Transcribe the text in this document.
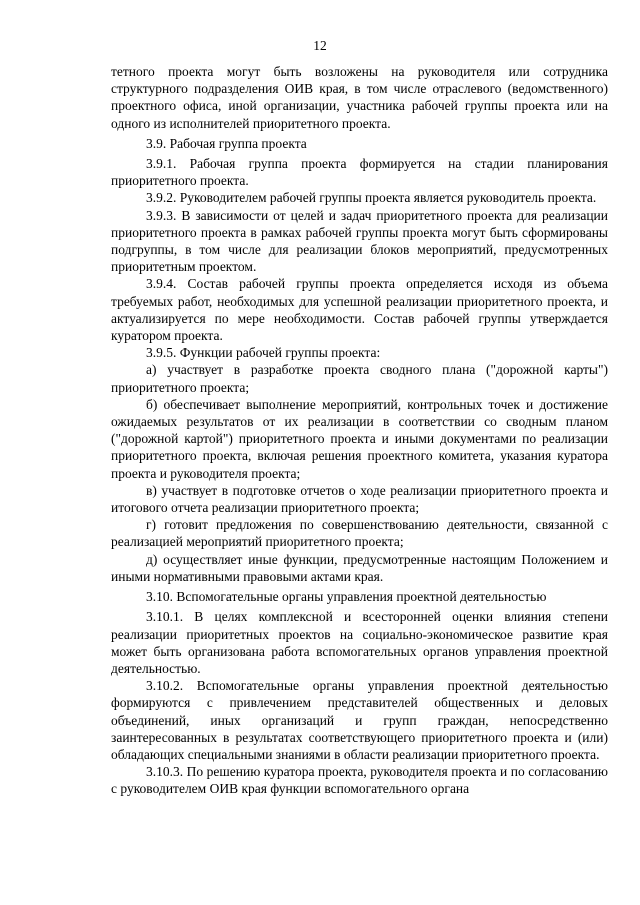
12

тетного проекта могут быть возложены на руководителя или сотрудника структурного подразделения ОИВ края, в том числе отраслевого (ведомственного) проектного офиса, иной организации, участника рабочей группы проекта или на одного из исполнителей приоритетного проекта.

3.9. Рабочая группа проекта

3.9.1. Рабочая группа проекта формируется на стадии планирования приоритетного проекта.

3.9.2. Руководителем рабочей группы проекта является руководитель проекта.

3.9.3. В зависимости от целей и задач приоритетного проекта для реализации приоритетного проекта в рамках рабочей группы проекта могут быть сформированы подгруппы, в том числе для реализации блоков мероприятий, предусмотренных приоритетным проектом.

3.9.4. Состав рабочей группы проекта определяется исходя из объема требуемых работ, необходимых для успешной реализации приоритетного проекта, и актуализируется по мере необходимости. Состав рабочей группы утверждается куратором проекта.

3.9.5. Функции рабочей группы проекта:

а) участвует в разработке проекта сводного плана ("дорожной карты") приоритетного проекта;

б) обеспечивает выполнение мероприятий, контрольных точек и достижение ожидаемых результатов от их реализации в соответствии со сводным планом ("дорожной картой") приоритетного проекта и иными документами по реализации приоритетного проекта, включая решения проектного комитета, указания куратора проекта и руководителя проекта;

в) участвует в подготовке отчетов о ходе реализации приоритетного проекта и итогового отчета реализации приоритетного проекта;

г) готовит предложения по совершенствованию деятельности, связанной с реализацией мероприятий приоритетного проекта;

д) осуществляет иные функции, предусмотренные настоящим Положением и иными нормативными правовыми актами края.

3.10. Вспомогательные органы управления проектной деятельностью

3.10.1. В целях комплексной и всесторонней оценки влияния степени реализации приоритетных проектов на социально-экономическое развитие края может быть организована работа вспомогательных органов управления проектной деятельностью.

3.10.2. Вспомогательные органы управления проектной деятельностью формируются с привлечением представителей общественных и деловых объединений, иных организаций и групп граждан, непосредственно заинтересованных в результатах соответствующего приоритетного проекта и (или) обладающих специальными знаниями в области реализации приоритетного проекта.

3.10.3. По решению куратора проекта, руководителя проекта и по согласованию с руководителем ОИВ края функции вспомогательного органа
